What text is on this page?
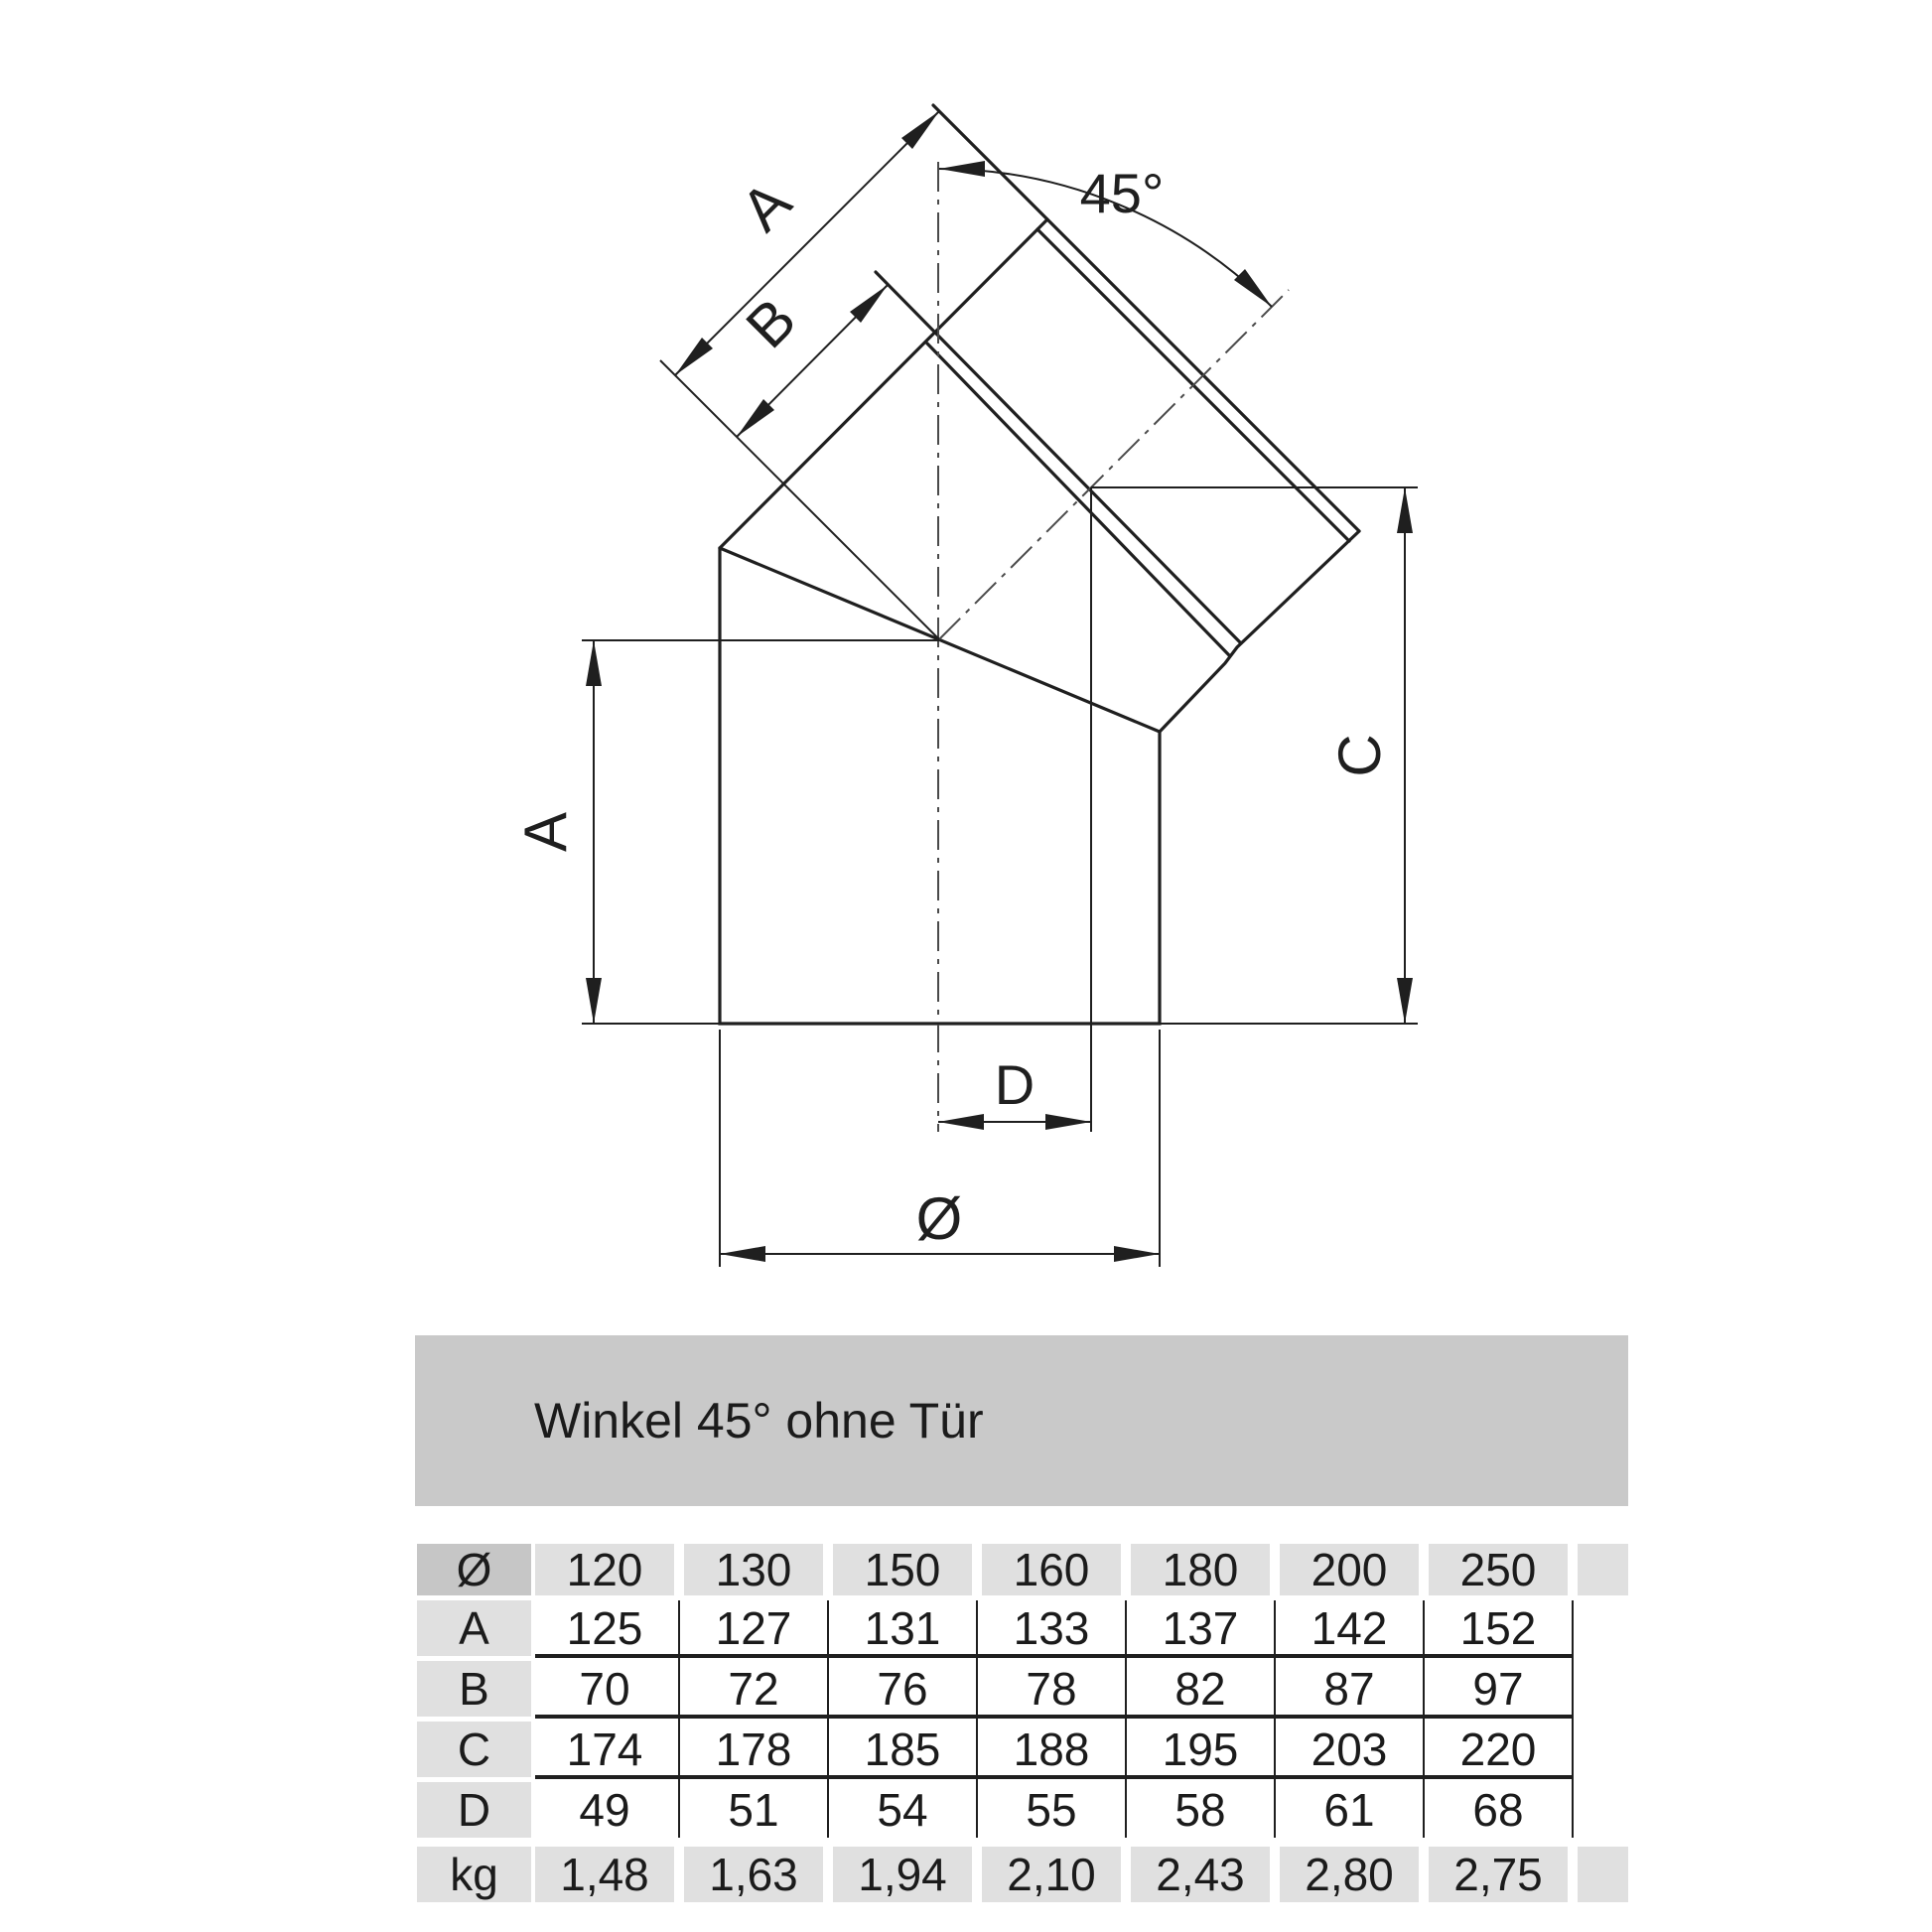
A
B
A
C
D
Ø
45°
Winkel 45° ohne Tür
Ø	120	130	150	160	180	200	250
A	125	127	131	133	137	142	152
B	70	72	76	78	82	87	97
C	174	178	185	188	195	203	220
D	49	51	54	55	58	61	68
kg	1,48	1,63	1,94	2,10	2,43	2,80	2,75
